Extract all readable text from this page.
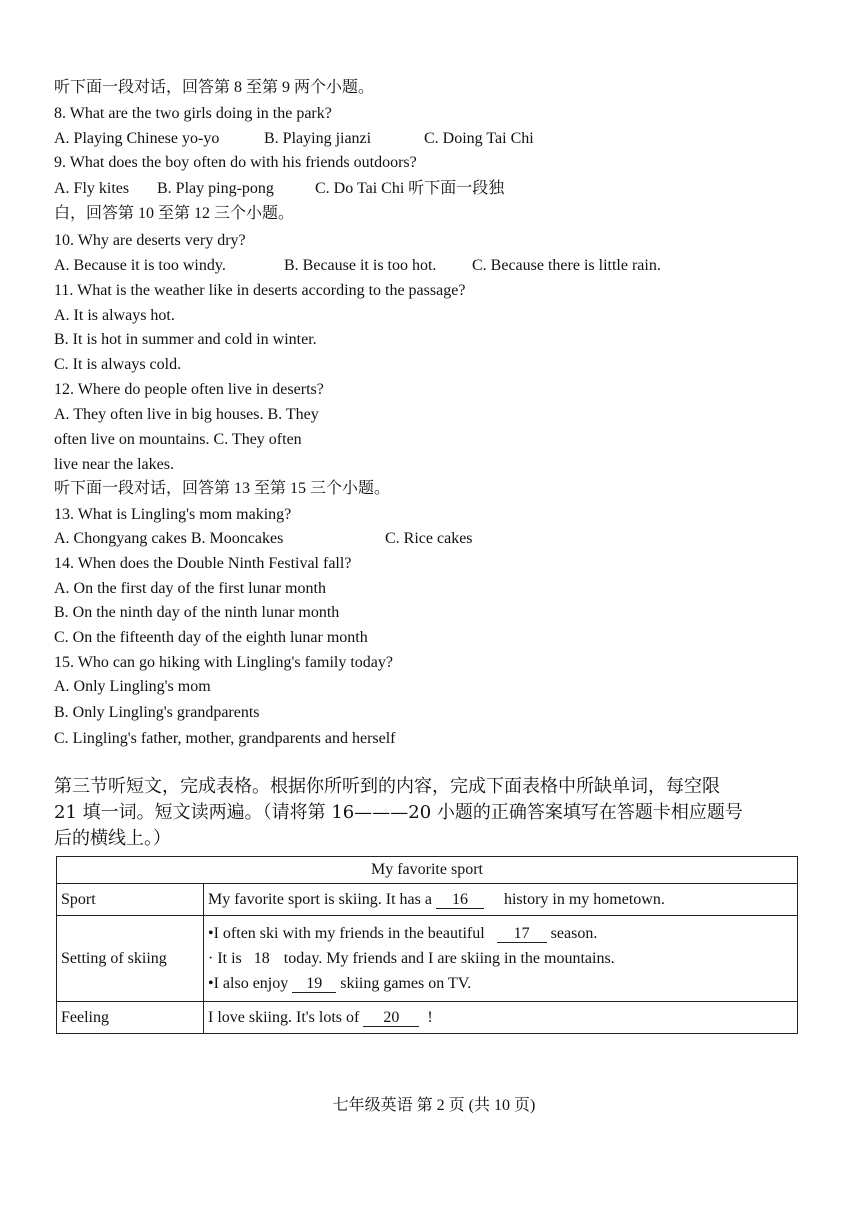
听下面一段对话，回答第 8 至第 9 两个小题。
8. What are the two girls doing in the park?
A. Playing Chinese yo-yo	B. Playing jianzi	C. Doing Tai Chi
9. What does the boy often do with his friends outdoors?
A. Fly kites B. Play ping-pong	C. Do Tai Chi 听下面一段独
白，回答第 10 至第 12 三个小题。
10. Why are deserts very dry?
A. Because it is too windy.	B. Because it is too hot. C. Because there is little rain.
11. What is the weather like in deserts according to the passage?
A. It is always hot.
B. It is hot in summer and cold in winter.
C. It is always cold.
12. Where do people often live in deserts?
A. They often live in big houses. B. They
often live on mountains. C. They often
live near the lakes.
听下面一段对话，回答第 13 至第 15 三个小题。
13. What is Lingling's mom making?
A. Chongyang cakes B. Mooncakes	C. Rice cakes
14. When does the Double Ninth Festival fall?
A. On the first day of the first lunar month
B. On the ninth day of the ninth lunar month
C. On the fifteenth day of the eighth lunar month
15. Who can go hiking with Lingling's family today?
A. Only Lingling's mom
B. Only Lingling's grandparents
C. Lingling's father, mother, grandparents and herself
第三节听短文，完成表格。根据你所听到的内容，完成下面表格中所缺单词，每空限
21 填一词。短文读两遍。（请将第 16———20 小题的正确答案填写在答题卡相应题号
后的横线上。）
My favorite sport	
Sport	My favorite sport is skiing. It has a 16 history in my hometown.
Setting of skiing	•I often ski with my friends in the beautiful 17 season.
· It is 18 today. My friends and I are skiing in the mountains.
•I also enjoy 19 skiing games on TV.

Feeling	I love skiing. It's lots of 20 !
七年级英语 第 2 页 (共 10 页)
